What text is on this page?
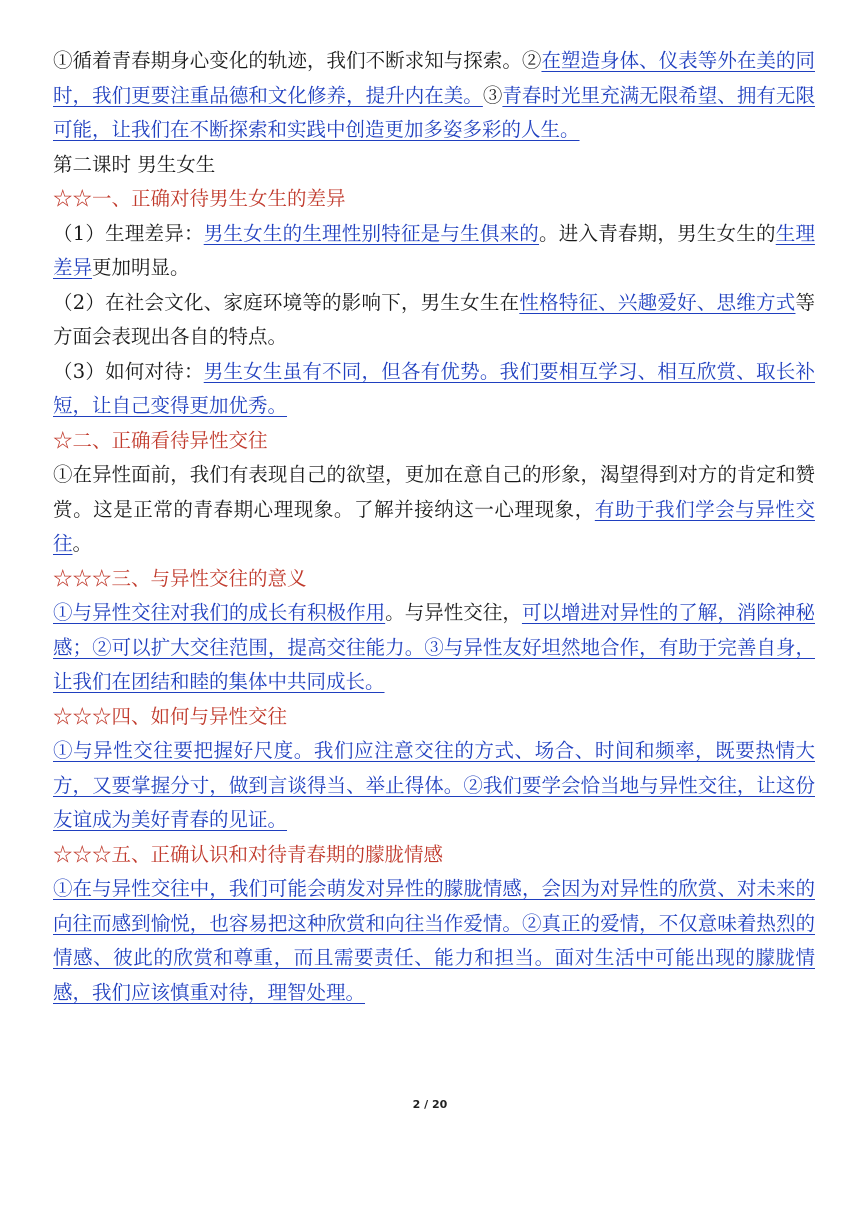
①循着青春期身心变化的轨迹，我们不断求知与探索。②在塑造身体、仪表等外在美的同时，我们更要注重品德和文化修养，提升内在美。③青春时光里充满无限希望、拥有无限可能，让我们在不断探索和实践中创造更加多姿多彩的人生。

第二课时 男生女生

☆☆一、正确对待男生女生的差异

（1）生理差异：男生女生的生理性别特征是与生俱来的。进入青春期，男生女生的生理差异更加明显。

（2）在社会文化、家庭环境等的影响下，男生女生在性格特征、兴趣爱好、思维方式等方面会表现出各自的特点。

（3）如何对待：男生女生虽有不同，但各有优势。我们要相互学习、相互欣赏、取长补短，让自己变得更加优秀。

☆二、正确看待异性交往

①在异性面前，我们有表现自己的欲望，更加在意自己的形象，渴望得到对方的肯定和赞赏。这是正常的青春期心理现象。了解并接纳这一心理现象，有助于我们学会与异性交往。

☆☆☆三、与异性交往的意义

①与异性交往对我们的成长有积极作用。与异性交往，可以增进对异性的了解，消除神秘感；②可以扩大交往范围，提高交往能力。③与异性友好坦然地合作，有助于完善自身，让我们在团结和睦的集体中共同成长。

☆☆☆四、如何与异性交往

①与异性交往要把握好尺度。我们应注意交往的方式、场合、时间和频率，既要热情大方，又要掌握分寸，做到言谈得当、举止得体。②我们要学会恰当地与异性交往，让这份友谊成为美好青春的见证。

☆☆☆五、正确认识和对待青春期的朦胧情感

①在与异性交往中，我们可能会萌发对异性的朦胧情感，会因为对异性的欣赏、对未来的向往而感到愉悦，也容易把这种欣赏和向往当作爱情。②真正的爱情，不仅意味着热烈的情感、彼此的欣赏和尊重，而且需要责任、能力和担当。面对生活中可能出现的朦胧情感，我们应该慎重对待，理智处理。

2 / 20
